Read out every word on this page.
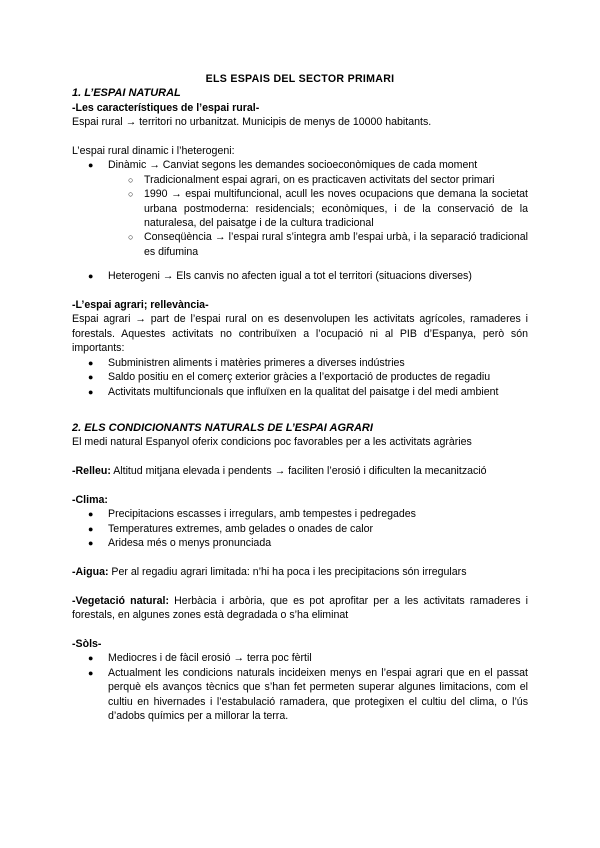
ELS ESPAIS DEL SECTOR PRIMARI

1. L’ESPAI NATURAL

-Les característiques de l’espai rural-

Espai rural → territori no urbanitzat. Municipis de menys de 10000 habitants.

L’espai rural dinamic i l’heterogeni:

● Dinàmic → Canviat segons les demandes socioeconòmiques de cada moment
○ Tradicionalment espai agrari, on es practicaven activitats del sector primari
○ 1990 → espai multifuncional, acull les noves ocupacions que demana la societat urbana postmoderna: residencials; econòmiques, i de la conservació de la naturalesa, del paisatge i de la cultura tradicional
○ Conseqüència → l’espai rural s’integra amb l’espai urbà, i la separació tradicional es difumina
● Heterogeni → Els canvis no afecten igual a tot el territori (situacions diverses)

-L’espai agrari; rellevància-

Espai agrari → part de l’espai rural on es desenvolupen les activitats agrícoles, ramaderes i forestals. Aquestes activitats no contribuïxen a l’ocupació ni al PIB d’Espanya, però són importants:

● Subministren aliments i matèries primeres a diverses indústries
● Saldo positiu en el comerç exterior gràcies a l’exportació de productes de regadiu
● Activitats multifuncionals que influïxen en la qualitat del paisatge i del medi ambient

2. ELS CONDICIONANTS NATURALS DE L’ESPAI AGRARI

El medi natural Espanyol oferix condicions poc favorables per a les activitats agràries

-Relleu: Altitud mitjana elevada i pendents → faciliten l’erosió i dificulten la mecanització

-Clima:

● Precipitacions escasses i irregulars, amb tempestes i pedregades
● Temperatures extremes, amb gelades o onades de calor
● Aridesa més o menys pronunciada

-Aigua: Per al regadiu agrari limitada: n’hi ha poca i les precipitacions són irregulars

-Vegetació natural: Herbàcia i arbòria, que es pot aprofitar per a les activitats ramaderes i forestals, en algunes zones està degradada o s’ha eliminat

-Sòls-

● Mediocres i de fàcil erosió → terra poc fèrtil
● Actualment les condicions naturals incideixen menys en l’espai agrari que en el passat perquè els avanços tècnics que s’han fet permeten superar algunes limitacions, com el cultiu en hivernades i l’estabulació ramadera, que protegixen el cultiu del clima, o l’ús d’adobs químics per a millorar la terra.
